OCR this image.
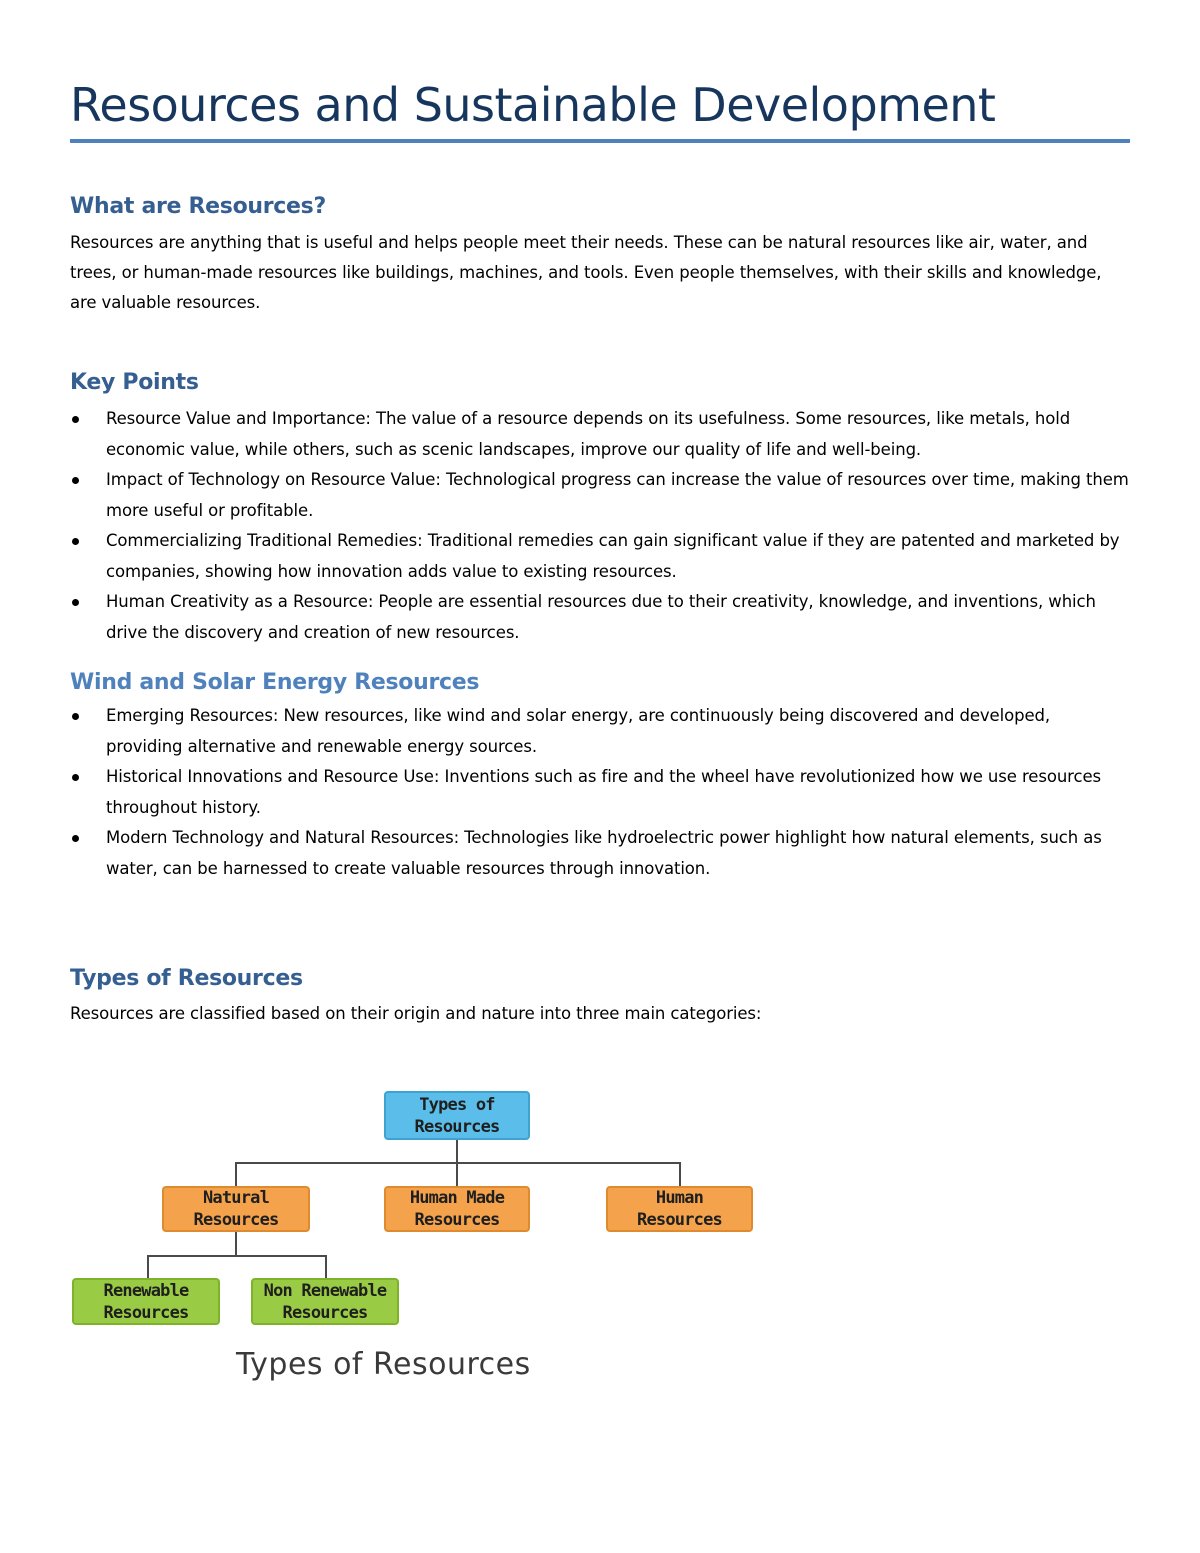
Resources and Sustainable Development
What are Resources?

Resources are anything that is useful and helps people meet their needs. These can be natural resources like air, water, and trees, or human-made resources like buildings, machines, and tools. Even people themselves, with their skills and knowledge, are valuable resources.

Key Points
Resource Value and Importance: The value of a resource depends on its usefulness. Some resources, like metals, hold economic value, while others, such as scenic landscapes, improve our quality of life and well-being.
Impact of Technology on Resource Value: Technological progress can increase the value of resources over time, making them more useful or profitable.
Commercializing Traditional Remedies: Traditional remedies can gain significant value if they are patented and marketed by companies, showing how innovation adds value to existing resources.
Human Creativity as a Resource: People are essential resources due to their creativity, knowledge, and inventions, which drive the discovery and creation of new resources.
Wind and Solar Energy Resources
Emerging Resources: New resources, like wind and solar energy, are continuously being discovered and developed, providing alternative and renewable energy sources.
Historical Innovations and Resource Use: Inventions such as fire and the wheel have revolutionized how we use resources throughout history.
Modern Technology and Natural Resources: Technologies like hydroelectric power highlight how natural elements, such as water, can be harnessed to create valuable resources through innovation.
Types of Resources

Resources are classified based on their origin and nature into three main categories:

Types of
Resources
Natural
Resources
Human Made
Resources
Human
Resources
Renewable
Resources
Non Renewable
Resources
Types of Resources
